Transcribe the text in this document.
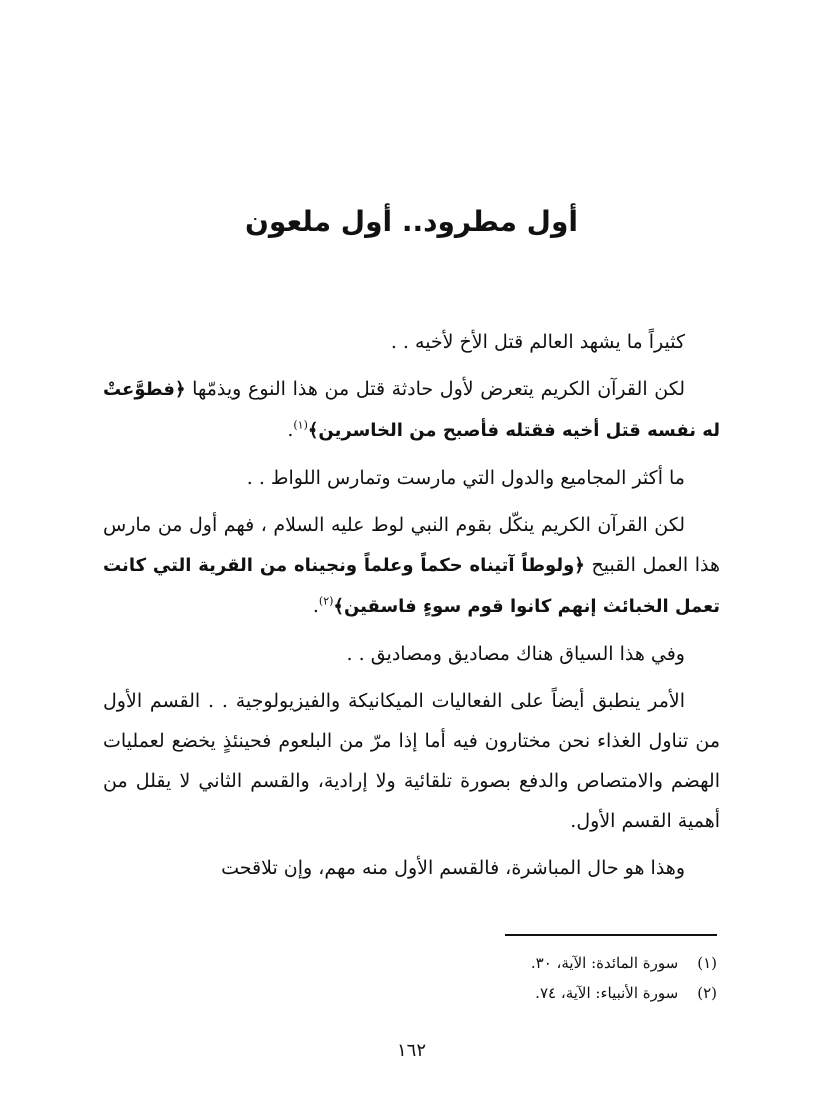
أول مطرود.. أول ملعون

كثيراً ما يشهد العالم قتل الأخ لأخيه . .

لكن القرآن الكريم يتعرض لأول حادثة قتل من هذا النوع ويذمّها ﴿فطوَّعتْ له نفسه قتل أخيه فقتله فأصبح من الخاسرين﴾$^{(١)}$.

ما أكثر المجاميع والدول التي مارست وتمارس اللواط . .

لكن القرآن الكريم ينكّل بقوم النبي لوط عليه السلام ، فهم أول من مارس هذا العمل القبيح ﴿ولوطاً آتيناه حكماً وعلماً ونجيناه من القرية التي كانت تعمل الخبائث إنهم كانوا قوم سوءٍ فاسقين﴾$^{(٢)}$.

وفي هذا السياق هناك مصاديق ومصاديق . .

الأمر ينطبق أيضاً على الفعاليات الميكانيكة والفيزيولوجية . . القسم الأول من تناول الغذاء نحن مختارون فيه أما إذا مرّ من البلعوم فحينئذٍ يخضع لعمليات الهضم والامتصاص والدفع بصورة تلقائية ولا إرادية، والقسم الثاني لا يقلل من أهمية القسم الأول.

وهذا هو حال المباشرة، فالقسم الأول منه مهم، وإن تلاقحت

(١) سورة المائدة: الآية، ٣٠.
(٢) سورة الأنبياء: الآية، ٧٤.
١٦٢
